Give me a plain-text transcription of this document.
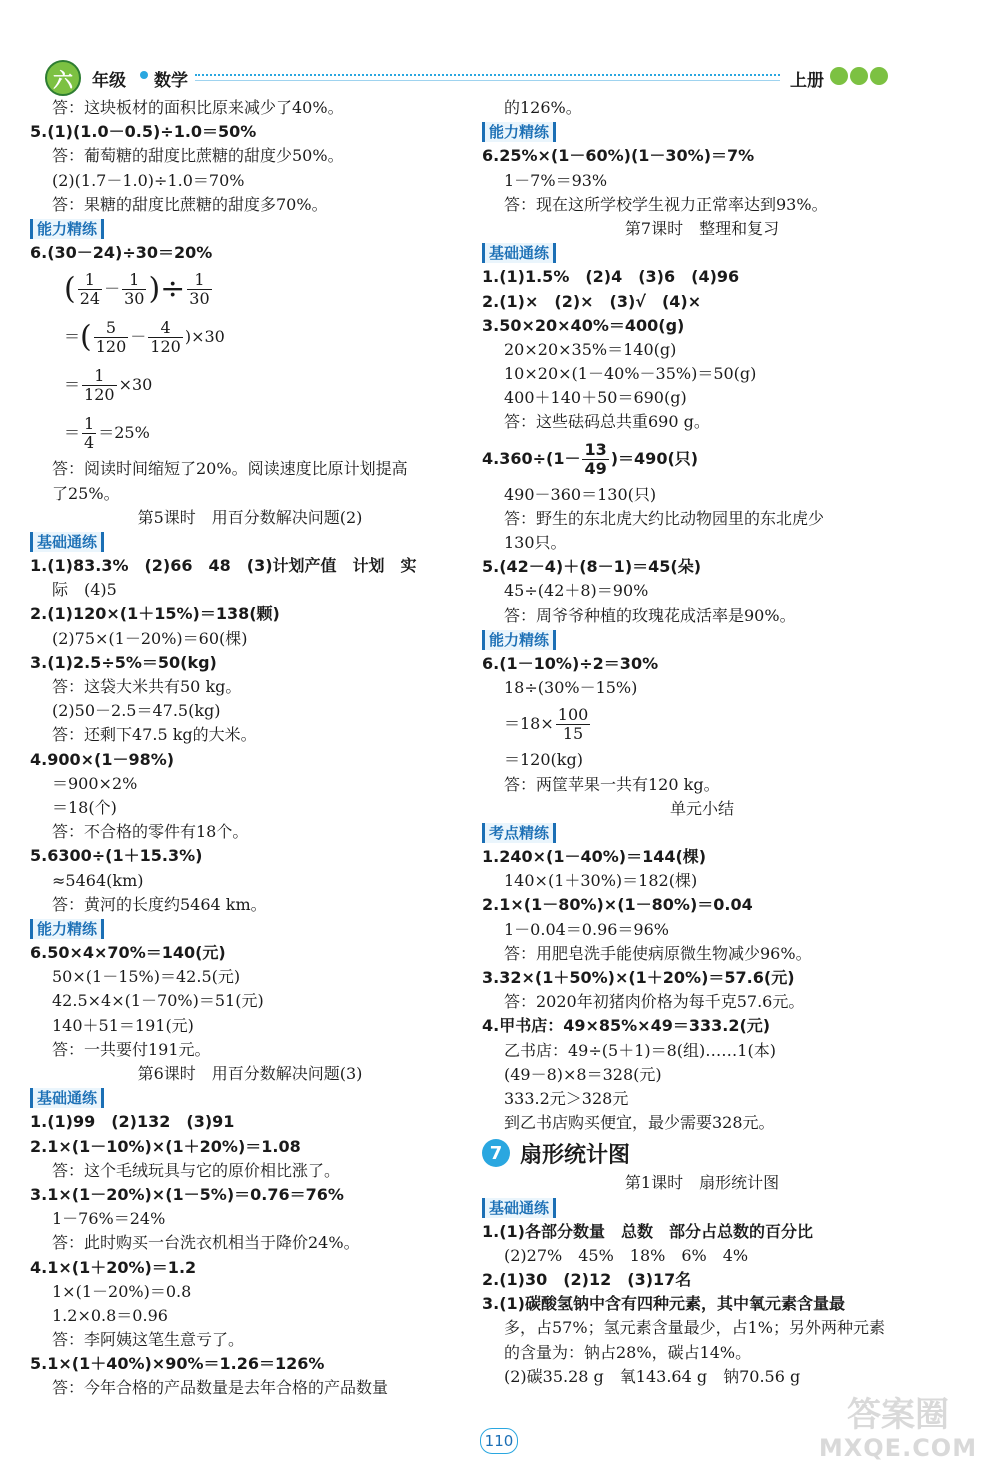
六	年级 数学	上册
答：这块板材的面积比原来减少了40%。
5.(1)(1.0－0.5)÷1.0＝50%
答：葡萄糖的甜度比蔗糖的甜度少50%。
(2)(1.7－1.0)÷1.0＝70%
答：果糖的甜度比蔗糖的甜度多70%。
能力精练
6.(30－24)÷30＝20%
( $\frac{1}{24} - \frac{1}{30}$ )÷ $\frac{1}{30}$
＝( $\frac{5}{120} - \frac{4}{120} )\times 30$
＝ $\frac{1}{120} \times 30$
＝ $\frac{1}{4} =25\%$
答：阅读时间缩短了20%。阅读速度比原计划提高
了25%。
第5课时　用百分数解决问题(2)
基础通练
1.(1)83.3%　(2)66　48　(3)计划产值　计划　实
际　(4)5
2.(1)120×(1＋15%)＝138(颗)
(2)75×(1－20%)＝60(棵)
3.(1)2.5÷5%＝50(kg)
答：这袋大米共有50 kg。
(2)50－2.5＝47.5(kg)
答：还剩下47.5 kg的大米。
4.900×(1－98%)
＝900×2%
＝18(个)
答：不合格的零件有18个。
5.6300÷(1＋15.3%)
≈5464(km)
答：黄河的长度约5464 km。
能力精练
6.50×4×70%＝140(元)
50×(1－15%)＝42.5(元)
42.5×4×(1－70%)＝51(元)
140＋51＝191(元)
答：一共要付191元。
第6课时　用百分数解决问题(3)
基础通练
1.(1)99　(2)132　(3)91
2.1×(1－10%)×(1＋20%)＝1.08
答：这个毛绒玩具与它的原价相比涨了。
3.1×(1－20%)×(1－5%)＝0.76＝76%
1－76%＝24%
答：此时购买一台洗衣机相当于降价24%。
4.1×(1＋20%)＝1.2
1×(1－20%)＝0.8
1.2×0.8＝0.96
答：李阿姨这笔生意亏了。
5.1×(1＋40%)×90%＝1.26＝126%
答：今年合格的产品数量是去年合格的产品数量
的126%。
能力精练
6.25%×(1－60%)(1－30%)＝7%
1－7%＝93%
答：现在这所学校学生视力正常率达到93%。
第7课时　整理和复习
基础通练
1.(1)1.5%　(2)4　(3)6　(4)96
2.(1)×　(2)×　(3)√　(4)×
3.50×20×40%＝400(g)
20×20×35%＝140(g)
10×20×(1－40%－35%)＝50(g)
400＋140＋50＝690(g)
答：这些砝码总共重690 g。
$4.360\div(1- \frac{13}{49} )=490$(只)
490－360＝130(只)
答：野生的东北虎大约比动物园里的东北虎少
130只。
5.(42－4)＋(8－1)＝45(朵)
45÷(42＋8)＝90%
答：周爷爷种植的玫瑰花成活率是90%。
能力精练
6.(1－10%)÷2＝30%
18÷(30%－15%)
$=18\times \frac{100}{15}$
＝120(kg)
答：两筐苹果一共有120 kg。
单元小结
考点精练
1.240×(1－40%)＝144(棵)
140×(1＋30%)＝182(棵)
2.1×(1－80%)×(1－80%)＝0.04
1－0.04＝0.96＝96%
答：用肥皂洗手能使病原微生物减少96%。
3.32×(1＋50%)×(1＋20%)＝57.6(元)
答：2020年初猪肉价格为每千克57.6元。
4.甲书店：49×85%×49＝333.2(元)
乙书店：49÷(5＋1)＝8(组)……1(本)
(49－8)×8＝328(元)
333.2元＞328元
到乙书店购买便宜，最少需要328元。
7 扇形统计图
第1课时　扇形统计图
基础通练
1.(1)各部分数量　总数　部分占总数的百分比
(2)27%　45%　18%　6%　4%
2.(1)30　(2)12　(3)17名
3.(1)碳酸氢钠中含有四种元素，其中氧元素含量最
多，占57%；氢元素含量最少，占1%；另外两种元素
的含量为：钠占28%，碳占14%。
(2)碳35.28 g　氧143.64 g　钠70.56 g
110
答案圈
MXQE.COM
